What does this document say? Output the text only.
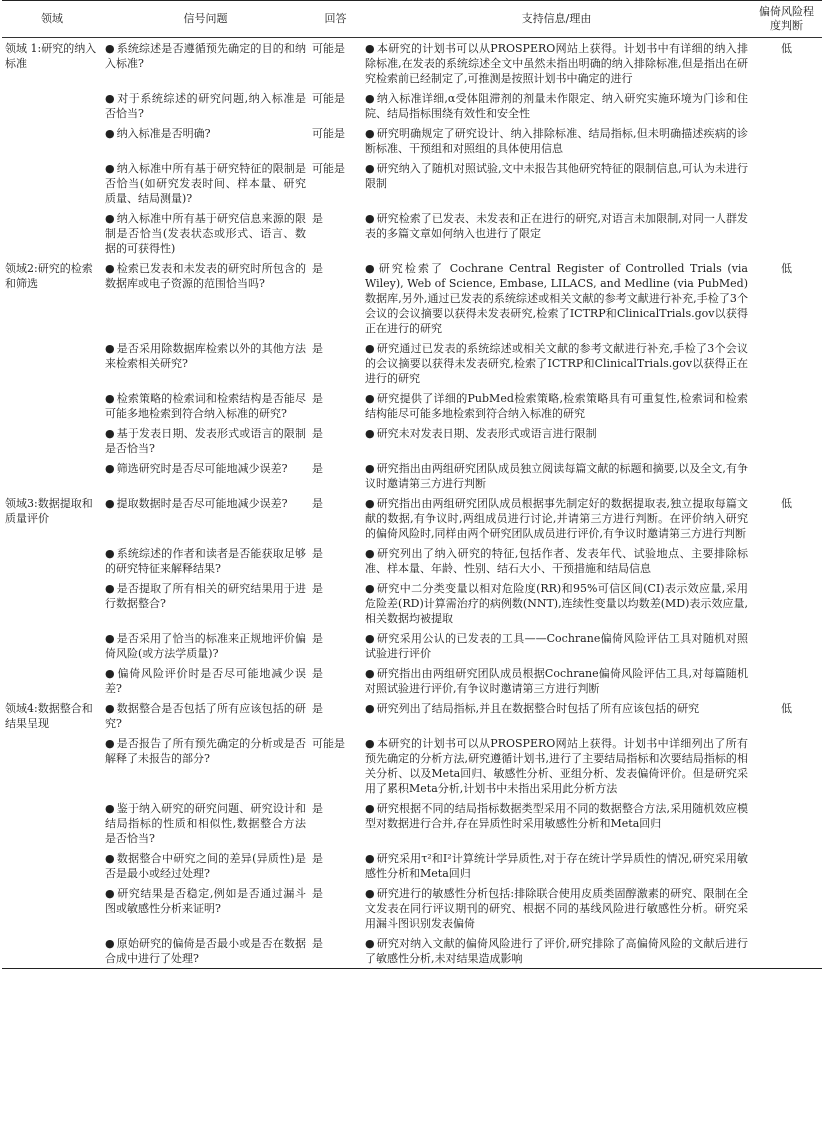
领域	信号问题	回答	支持信息/理由	偏倚风险程度判断
领域 1:研究的纳入标准	● 系统综述是否遵循预先确定的目的和纳入标准?	可能是	● 本研究的计划书可以从PROSPERO网站上获得。计划书中有详细的纳入排除标准,在发表的系统综述全文中虽然未指出明确的纳入排除标准,但是指出在研究检索前已经制定了,可推测是按照计划书中确定的进行	低
	● 对于系统综述的研究问题,纳入标准是否恰当?	可能是	● 纳入标准详细,α受体阻滞剂的剂量未作限定、纳入研究实施环境为门诊和住院、结局指标围绕有效性和安全性	
	● 纳入标准是否明确?	可能是	● 研究明确规定了研究设计、纳入排除标准、结局指标,但未明确描述疾病的诊断标准、干预组和对照组的具体使用信息	
	● 纳入标准中所有基于研究特征的限制是否恰当(如研究发表时间、样本量、研究质量、结局测量)?	可能是	● 研究纳入了随机对照试验,文中未报告其他研究特征的限制信息,可认为未进行限制	
	● 纳入标准中所有基于研究信息来源的限制是否恰当(发表状态或形式、语言、数据的可获得性)	是	● 研究检索了已发表、未发表和正在进行的研究,对语言未加限制,对同一人群发表的多篇文章如何纳入也进行了限定	
领域2:研究的检索和筛选	● 检索已发表和未发表的研究时所包含的数据库或电子资源的范围恰当吗?	是	● 研究检索了 Cochrane Central Register of Controlled Trials (via Wiley), Web of Science, Embase, LILACS, and Medline (via PubMed)数据库,另外,通过已发表的系统综述或相关文献的参考文献进行补充,手检了3个会议的会议摘要以获得未发表研究,检索了ICTRP和ClinicalTrials.gov以获得正在进行的研究	低
	● 是否采用除数据库检索以外的其他方法来检索相关研究?	是	● 研究通过已发表的系统综述或相关文献的参考文献进行补充,手检了3个会议的会议摘要以获得未发表研究,检索了ICTRP和ClinicalTrials.gov以获得正在进行的研究	
	● 检索策略的检索词和检索结构是否能尽可能多地检索到符合纳入标准的研究?	是	● 研究提供了详细的PubMed检索策略,检索策略具有可重复性,检索词和检索结构能尽可能多地检索到符合纳入标准的研究	
	● 基于发表日期、发表形式或语言的限制是否恰当?	是	● 研究未对发表日期、发表形式或语言进行限制	
	● 筛选研究时是否尽可能地减少误差?	是	● 研究指出由两组研究团队成员独立阅读每篇文献的标题和摘要,以及全文,有争议时邀请第三方进行判断	
领域3:数据提取和质量评价	● 提取数据时是否尽可能地减少误差?	是	● 研究指出由两组研究团队成员根据事先制定好的数据提取表,独立提取每篇文献的数据,有争议时,两组成员进行讨论,并请第三方进行判断。在评价纳入研究的偏倚风险时,同样由两个研究团队成员进行评价,有争议时邀请第三方进行判断	低
	● 系统综述的作者和读者是否能获取足够的研究特征来解释结果?	是	● 研究列出了纳入研究的特征,包括作者、发表年代、试验地点、主要排除标准、样本量、年龄、性别、结石大小、干预措施和结局信息	
	● 是否提取了所有相关的研究结果用于进行数据整合?	是	● 研究中二分类变量以相对危险度(RR)和95%可信区间(CI)表示效应量,采用危险差(RD)计算需治疗的病例数(NNT),连续性变量以均数差(MD)表示效应量,相关数据均被提取	
	● 是否采用了恰当的标准来正规地评价偏倚风险(或方法学质量)?	是	● 研究采用公认的已发表的工具——Cochrane偏倚风险评估工具对随机对照试验进行评价	
	● 偏倚风险评价时是否尽可能地减少误差?	是	● 研究指出由两组研究团队成员根据Cochrane偏倚风险评估工具,对每篇随机对照试验进行评价,有争议时邀请第三方进行判断	
领域4:数据整合和结果呈现	● 数据整合是否包括了所有应该包括的研究?	是	● 研究列出了结局指标,并且在数据整合时包括了所有应该包括的研究	低
	● 是否报告了所有预先确定的分析或是否解释了未报告的部分?	可能是	● 本研究的计划书可以从PROSPERO网站上获得。计划书中详细列出了所有预先确定的分析方法,研究遵循计划书,进行了主要结局指标和次要结局指标的相关分析、以及Meta回归、敏感性分析、亚组分析、发表偏倚评价。但是研究采用了累积Meta分析,计划书中未指出采用此分析方法	
	● 鉴于纳入研究的研究问题、研究设计和结局指标的性质和相似性,数据整合方法是否恰当?	是	● 研究根据不同的结局指标数据类型采用不同的数据整合方法,采用随机效应模型对数据进行合并,存在异质性时采用敏感性分析和Meta回归	
	● 数据整合中研究之间的差异(异质性)是否是最小或经过处理?	是	● 研究采用τ²和I²计算统计学异质性,对于存在统计学异质性的情况,研究采用敏感性分析和Meta回归	
	● 研究结果是否稳定,例如是否通过漏斗图或敏感性分析来证明?	是	● 研究进行的敏感性分析包括:排除联合使用皮质类固醇激素的研究、限制在全文发表在同行评议期刊的研究、根据不同的基线风险进行敏感性分析。研究采用漏斗图识别发表偏倚	
	● 原始研究的偏倚是否最小或是否在数据合成中进行了处理?	是	● 研究对纳入文献的偏倚风险进行了评价,研究排除了高偏倚风险的文献后进行了敏感性分析,未对结果造成影响	
